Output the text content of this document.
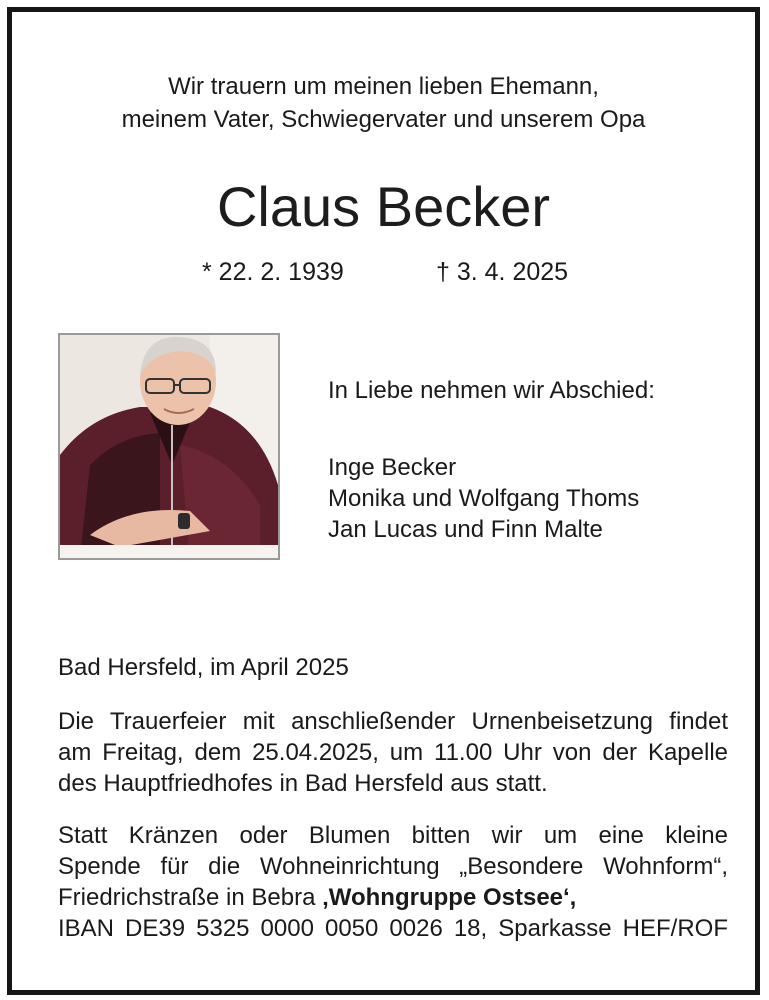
Wir trauern um meinen lieben Ehemann,
meinem Vater, Schwiegervater und unserem Opa
Claus Becker
* 22. 2. 1939	† 3. 4. 2025
In Liebe nehmen wir Abschied:
Inge Becker
Monika und Wolfgang Thoms
Jan Lucas und Finn Malte
Bad Hersfeld, im April 2025
Die Trauerfeier mit anschließender Urnenbeisetzung findet
am Freitag, dem 25.04.2025, um 11.00 Uhr von der Kapelle
des Hauptfriedhofes in Bad Hersfeld aus statt.
Statt Kränzen oder Blumen bitten wir um eine kleine
Spende für die Wohneinrichtung „Besondere Wohnform“,
Friedrichstraße in Bebra ‚Wohngruppe Ostsee‘,
IBAN DE39 5325 0000 0050 0026 18, Sparkasse HEF/ROF
